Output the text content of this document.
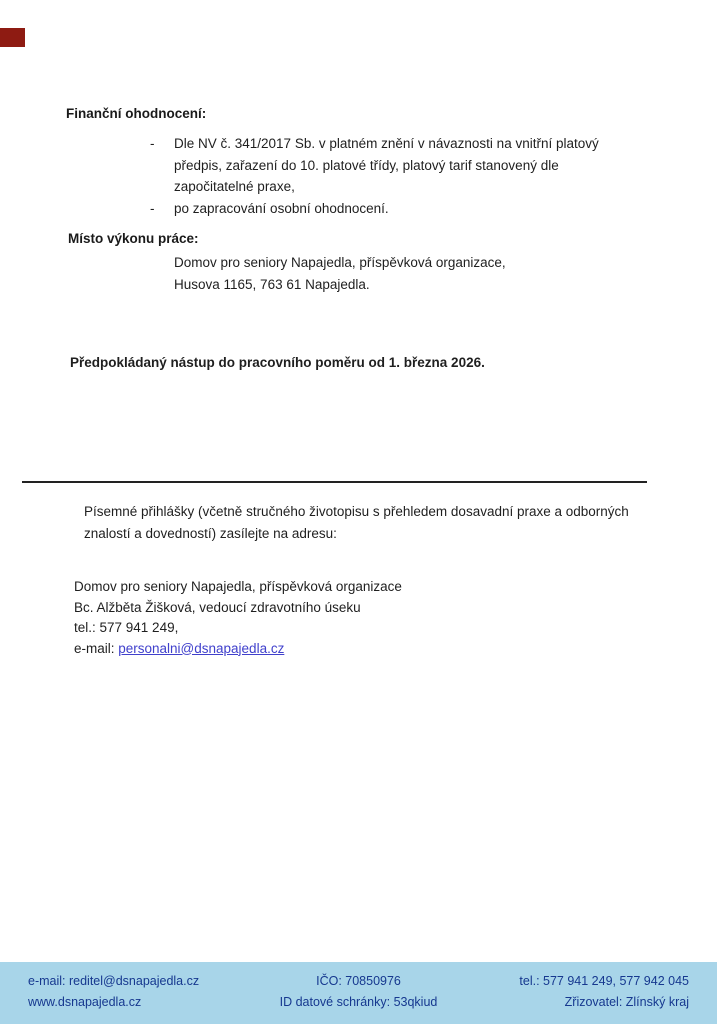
Finanční ohodnocení:
-	Dle NV č. 341/2017 Sb. v platném znění v návaznosti na vnitřní platový předpis, zařazení do 10. platové třídy, platový tarif stanovený dle započitatelné praxe,
-	po zapracování osobní ohodnocení.
Místo výkonu práce:
Domov pro seniory Napajedla, příspěvková organizace,
Husova 1165, 763 61 Napajedla.
Předpokládaný nástup do pracovního poměru od 1. března 2026.
Písemné přihlášky (včetně stručného životopisu s přehledem dosavadní praxe a odborných znalostí a dovedností) zasílejte na adresu:
Domov pro seniory Napajedla, příspěvková organizace
Bc. Alžběta Žišková, vedoucí zdravotního úseku
tel.: 577 941 249,
e-mail: personalni@dsnapajedla.cz
e-mail: reditel@dsnapajedla.cz
www.dsnapajedla.cz
IČO: 70850976
ID datové schránky: 53qkiud
tel.: 577 941 249, 577 942 045
Zřizovatel: Zlínský kraj
